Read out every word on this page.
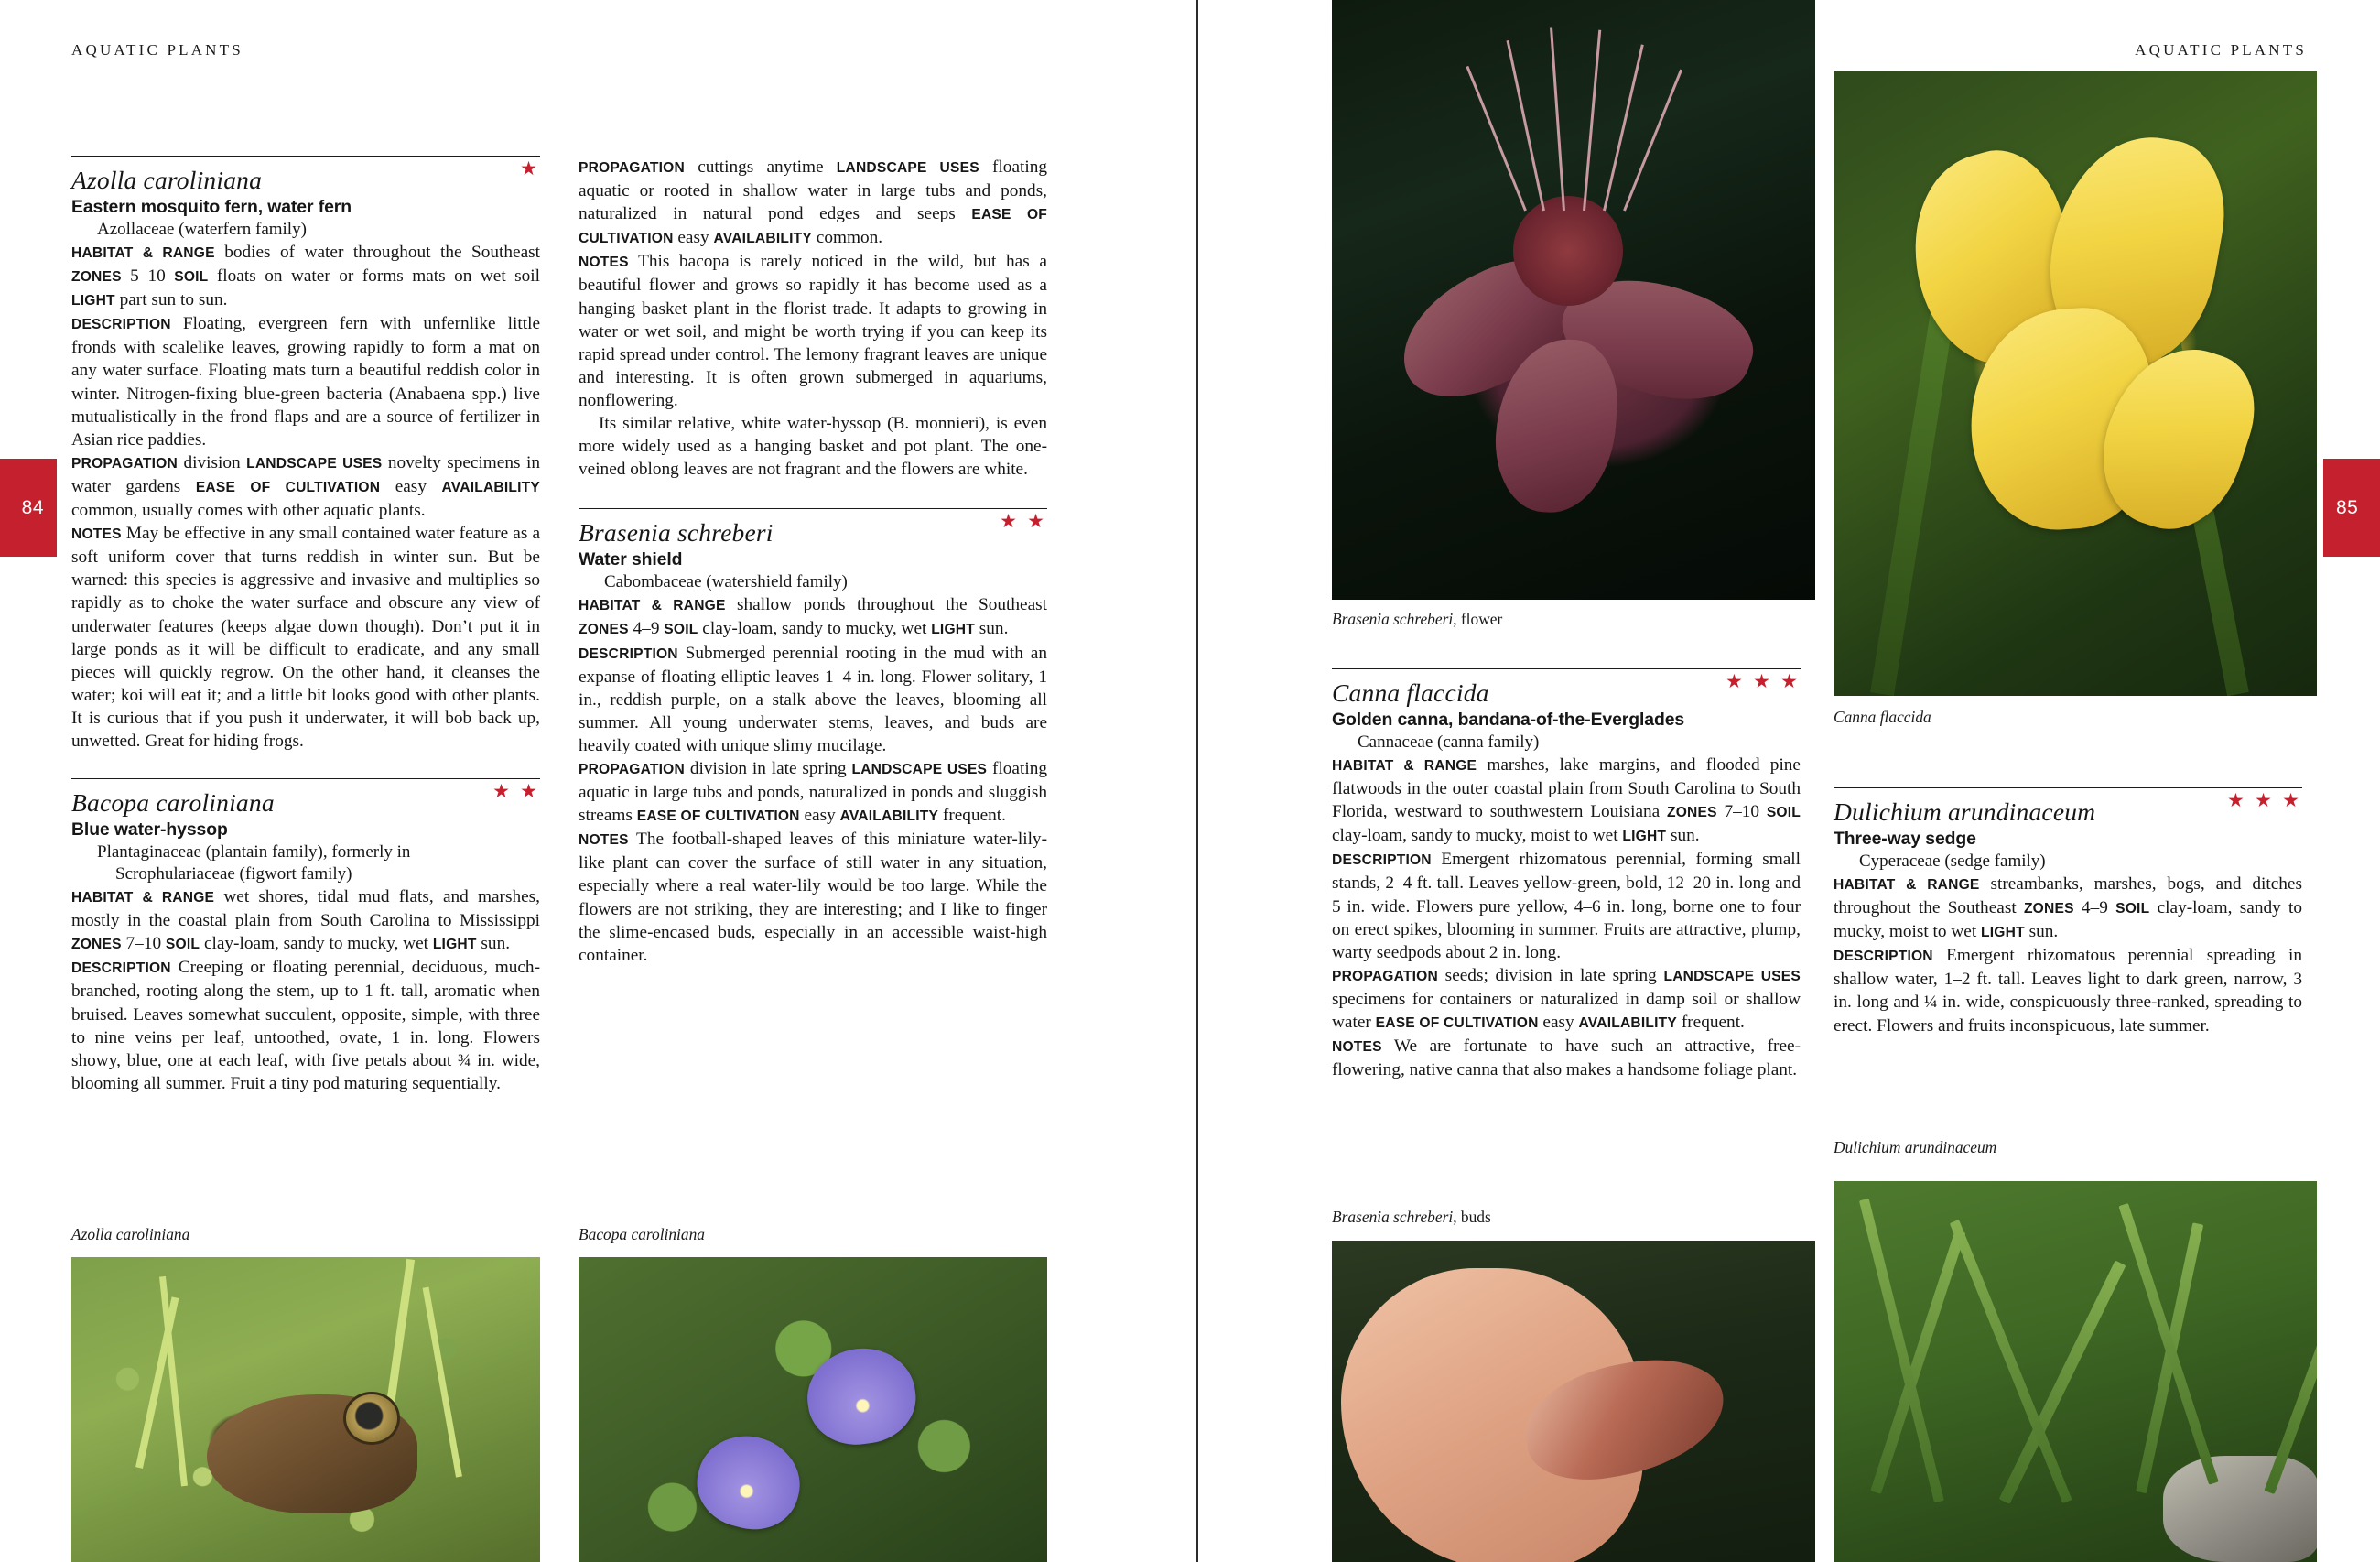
84	85
AQUATIC PLANTS	AQUATIC PLANTS
★

Azolla caroliniana

Eastern mosquito fern, water fern

Azollaceae (waterfern family)

HABITAT & RANGE bodies of water throughout the Southeast ZONES 5–10 SOIL floats on water or forms mats on wet soil LIGHT part sun to sun.

DESCRIPTION Floating, evergreen fern with unfernlike little fronds with scalelike leaves, growing rapidly to form a mat on any water surface. Floating mats turn a beautiful reddish color in winter. Nitrogen-fixing blue-green bacteria (Anabaena spp.) live mutualistically in the frond flaps and are a source of fertilizer in Asian rice paddies.

PROPAGATION division LANDSCAPE USES novelty specimens in water gardens EASE OF CULTIVATION easy AVAILABILITY common, usually comes with other aquatic plants.

NOTES May be effective in any small contained water feature as a soft uniform cover that turns reddish in winter sun. But be warned: this species is aggressive and invasive and multiplies so rapidly as to choke the water surface and obscure any view of underwater features (keeps algae down though). Don’t put it in large ponds as it will be difficult to eradicate, and any small pieces will quickly regrow. On the other hand, it cleanses the water; koi will eat it; and a little bit looks good with other plants. It is curious that if you push it underwater, it will bob back up, unwetted. Great for hiding frogs.

★ ★

Bacopa caroliniana

Blue water-hyssop

Plantaginaceae (plantain family), formerly in

Scrophulariaceae (figwort family)

HABITAT & RANGE wet shores, tidal mud flats, and marshes, mostly in the coastal plain from South Carolina to Mississippi ZONES 7–10 SOIL clay-loam, sandy to mucky, wet LIGHT sun.

DESCRIPTION Creeping or floating perennial, deciduous, much-branched, rooting along the stem, up to 1 ft. tall, aromatic when bruised. Leaves somewhat succulent, opposite, simple, with three to nine veins per leaf, untoothed, ovate, 1 in. long. Flowers showy, blue, one at each leaf, with five petals about ¾ in. wide, blooming all summer. Fruit a tiny pod maturing sequentially.

PROPAGATION cuttings anytime LANDSCAPE USES floating aquatic or rooted in shallow water in large tubs and ponds, naturalized in natural pond edges and seeps EASE OF CULTIVATION easy AVAILABILITY common.

NOTES This bacopa is rarely noticed in the wild, but has a beautiful flower and grows so rapidly it has become used as a hanging basket plant in the florist trade. It adapts to growing in water or wet soil, and might be worth trying if you can keep its rapid spread under control. The lemony fragrant leaves are unique and interesting. It is often grown submerged in aquariums, nonflowering.

Its similar relative, white water-hyssop (B. monnieri), is even more widely used as a hanging basket and pot plant. The one-veined oblong leaves are not fragrant and the flowers are white.

★ ★

Brasenia schreberi

Water shield

Cabombaceae (watershield family)

HABITAT & RANGE shallow ponds throughout the Southeast ZONES 4–9 SOIL clay-loam, sandy to mucky, wet LIGHT sun.

DESCRIPTION Submerged perennial rooting in the mud with an expanse of floating elliptic leaves 1–4 in. long. Flower solitary, 1 in., reddish purple, on a stalk above the leaves, blooming all summer. All young underwater stems, leaves, and buds are heavily coated with unique slimy mucilage.

PROPAGATION division in late spring LANDSCAPE USES floating aquatic in large tubs and ponds, naturalized in ponds and sluggish streams EASE OF CULTIVATION easy AVAILABILITY frequent.

NOTES The football-shaped leaves of this miniature water-lily-like plant can cover the surface of still water in any situation, especially where a real water-lily would be too large. While the flowers are not striking, they are interesting; and I like to finger the slime-encased buds, especially in an accessible waist-high container.

★ ★ ★

Canna flaccida

Golden canna, bandana-of-the-Everglades

Cannaceae (canna family)

HABITAT & RANGE marshes, lake margins, and flooded pine flatwoods in the outer coastal plain from South Carolina to South Florida, westward to southwestern Louisiana ZONES 7–10 SOIL clay-loam, sandy to mucky, moist to wet LIGHT sun.

DESCRIPTION Emergent rhizomatous perennial, forming small stands, 2–4 ft. tall. Leaves yellow-green, bold, 12–20 in. long and 5 in. wide. Flowers pure yellow, 4–6 in. long, borne one to four on erect spikes, blooming in summer. Fruits are attractive, plump, warty seedpods about 2 in. long.

PROPAGATION seeds; division in late spring LANDSCAPE USES specimens for containers or naturalized in damp soil or shallow water EASE OF CULTIVATION easy AVAILABILITY frequent.

NOTES We are fortunate to have such an attractive, free-flowering, native canna that also makes a handsome foliage plant.

★ ★ ★

Dulichium arundinaceum

Three-way sedge

Cyperaceae (sedge family)

HABITAT & RANGE streambanks, marshes, bogs, and ditches throughout the Southeast ZONES 4–9 SOIL clay-loam, sandy to mucky, moist to wet LIGHT sun.

DESCRIPTION Emergent rhizomatous perennial spreading in shallow water, 1–2 ft. tall. Leaves light to dark green, narrow, 3 in. long and ¼ in. wide, conspicuously three-ranked, spreading to erect. Flowers and fruits inconspicuous, late summer.

Azolla caroliniana	Bacopa caroliniana
Brasenia schreberi, flower
Brasenia schreberi, buds
Canna flaccida
Dulichium arundinaceum
